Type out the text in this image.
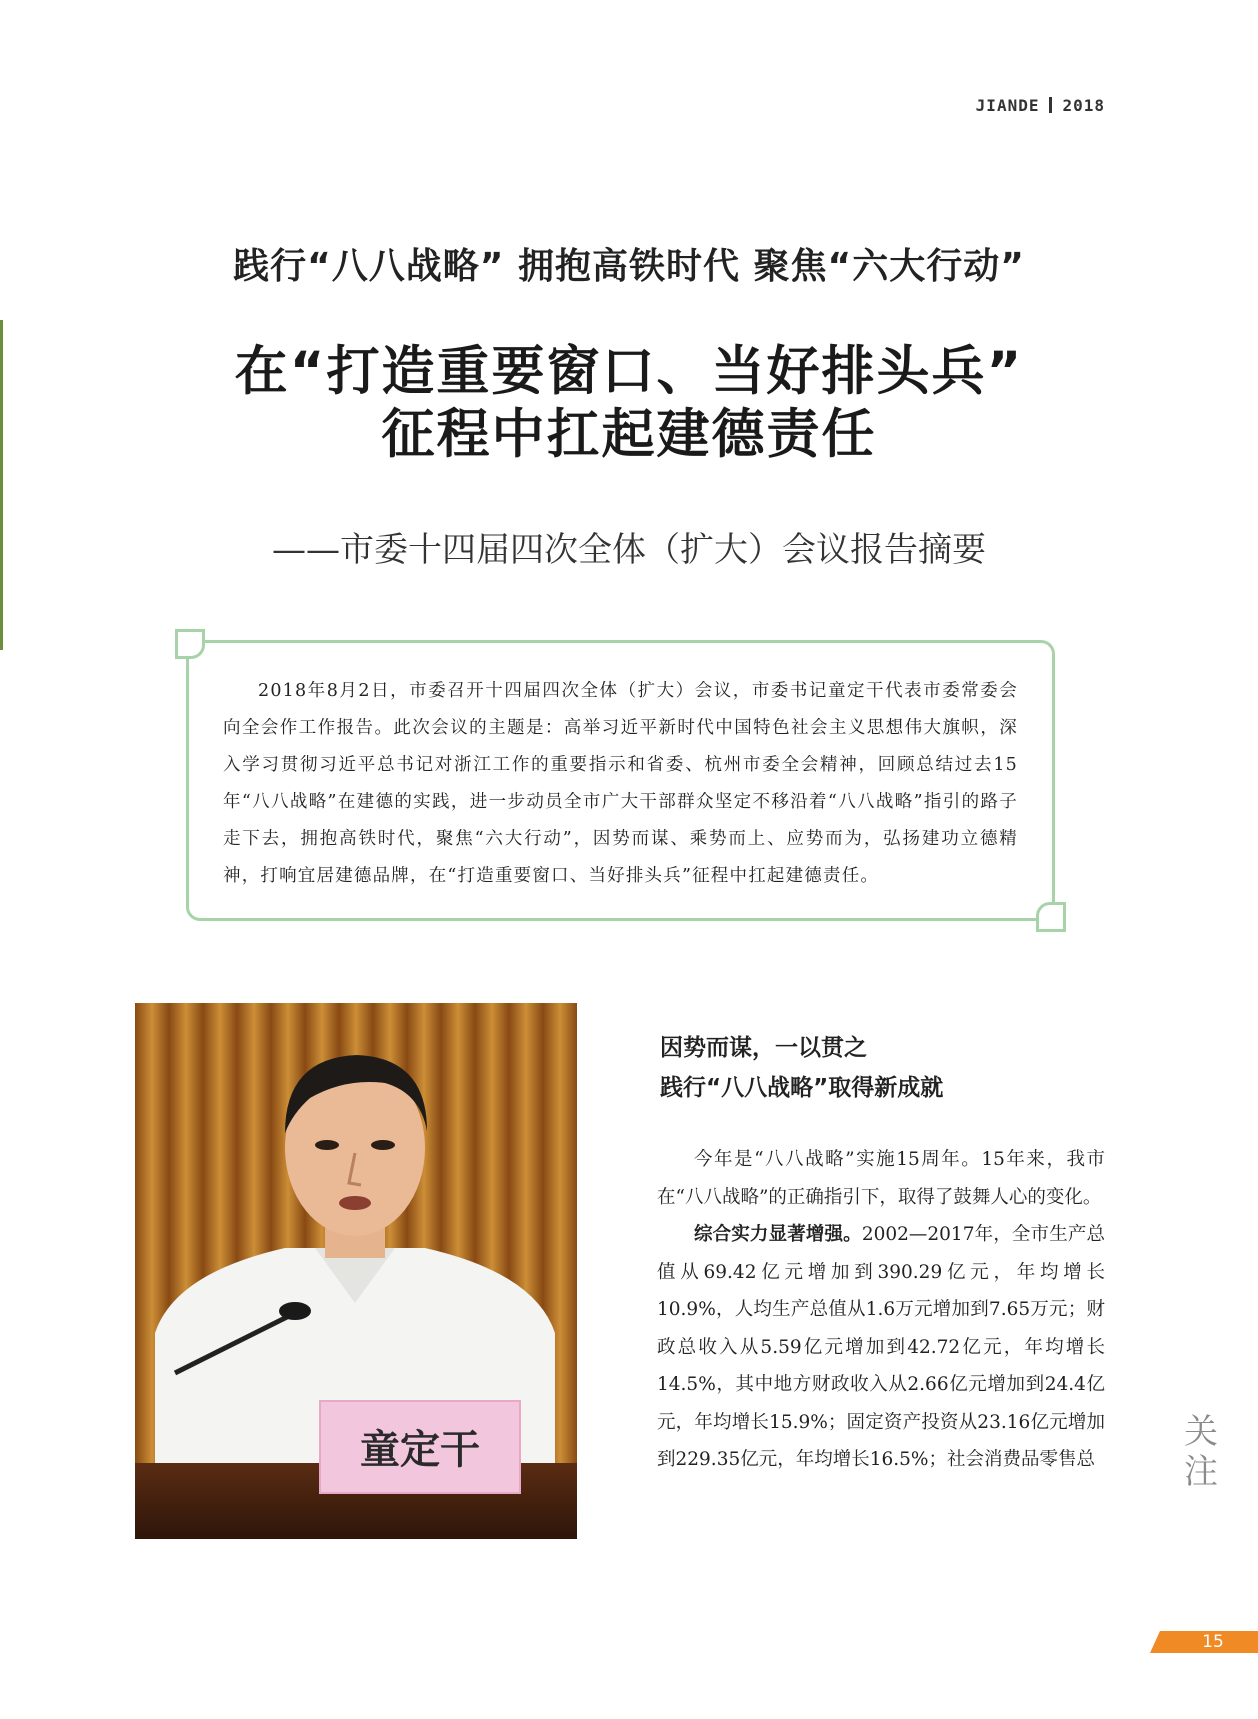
JIANDE 2018
践行“八八战略” 拥抱高铁时代 聚焦“六大行动”
在“打造重要窗口、当好排头兵”
征程中扛起建德责任
——市委十四届四次全体（扩大）会议报告摘要

2018年8月2日，市委召开十四届四次全体（扩大）会议，市委书记童定干代表市委常委会向全会作工作报告。此次会议的主题是：高举习近平新时代中国特色社会主义思想伟大旗帜，深入学习贯彻习近平总书记对浙江工作的重要指示和省委、杭州市委全会精神，回顾总结过去15年“八八战略”在建德的实践，进一步动员全市广大干部群众坚定不移沿着“八八战略”指引的路子走下去，拥抱高铁时代，聚焦“六大行动”，因势而谋、乘势而上、应势而为，弘扬建功立德精神，打响宜居建德品牌，在“打造重要窗口、当好排头兵”征程中扛起建德责任。

童定干
因势而谋，一以贯之
践行“八八战略”取得新成就

今年是“八八战略”实施15周年。15年来，我市在“八八战略”的正确指引下，取得了鼓舞人心的变化。

综合实力显著增强。2002—2017年，全市生产总值从69.42亿元增加到390.29亿元，年均增长10.9%，人均生产总值从1.6万元增加到7.65万元；财政总收入从5.59亿元增加到42.72亿元，年均增长14.5%，其中地方财政收入从2.66亿元增加到24.4亿元，年均增长15.9%；固定资产投资从23.16亿元增加到229.35亿元，年均增长16.5%；社会消费品零售总

关注
15
